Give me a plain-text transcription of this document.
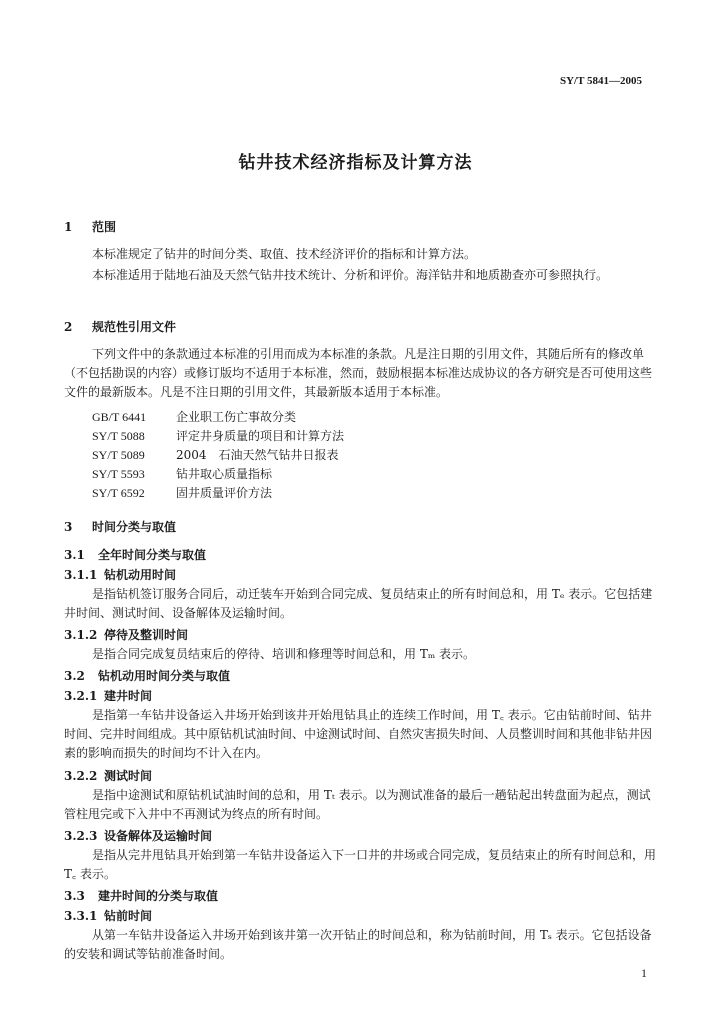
SY/T 5841—2005
钻井技术经济指标及计算方法
1 范围
本标准规定了钻井的时间分类、取值、技术经济评价的指标和计算方法。
本标准适用于陆地石油及天然气钻井技术统计、分析和评价。海洋钻井和地质勘查亦可参照执行。
2 规范性引用文件
下列文件中的条款通过本标准的引用而成为本标准的条款。凡是注日期的引用文件，其随后所有的修改单（不包括勘误的内容）或修订版均不适用于本标准，然而，鼓励根据本标准达成协议的各方研究是否可使用这些文件的最新版本。凡是不注日期的引用文件，其最新版本适用于本标准。
GB/T 6441 企业职工伤亡事故分类
SY/T 5088	评定井身质量的项目和计算方法
SY/T 5089	2004　石油天然气钻井日报表
SY/T 5593	钻井取心质量指标
SY/T 6592	固井质量评价方法
3 时间分类与取值
3.1 全年时间分类与取值
3.1.1 钻机动用时间
是指钻机签订服务合同后，动迁装车开始到合同完成、复员结束止的所有时间总和，用 Tₑ 表示。它包括建井时间、测试时间、设备解体及运输时间。
3.1.2 停待及整训时间
是指合同完成复员结束后的停待、培训和修理等时间总和，用 Tₘ 表示。
3.2 钻机动用时间分类与取值
3.2.1 建井时间
是指第一车钻井设备运入井场开始到该井开始甩钻具止的连续工作时间，用 T꜀ 表示。它由钻前时间、钻井时间、完井时间组成。其中原钻机试油时间、中途测试时间、自然灾害损失时间、人员整训时间和其他非钻井因素的影响而损失的时间均不计入在内。
3.2.2 测试时间
是指中途测试和原钻机试油时间的总和，用 Tₜ 表示。以为测试准备的最后一趟钻起出转盘面为起点，测试管柱甩完或下入井中不再测试为终点的所有时间。
3.2.3 设备解体及运输时间
是指从完井甩钻具开始到第一车钻井设备运入下一口井的井场或合同完成，复员结束止的所有时间总和，用 T꜀ 表示。
3.3 建井时间的分类与取值
3.3.1 钻前时间
从第一车钻井设备运入井场开始到该井第一次开钻止的时间总和，称为钻前时间，用 Tₛ 表示。它包括设备的安装和调试等钻前准备时间。
1
